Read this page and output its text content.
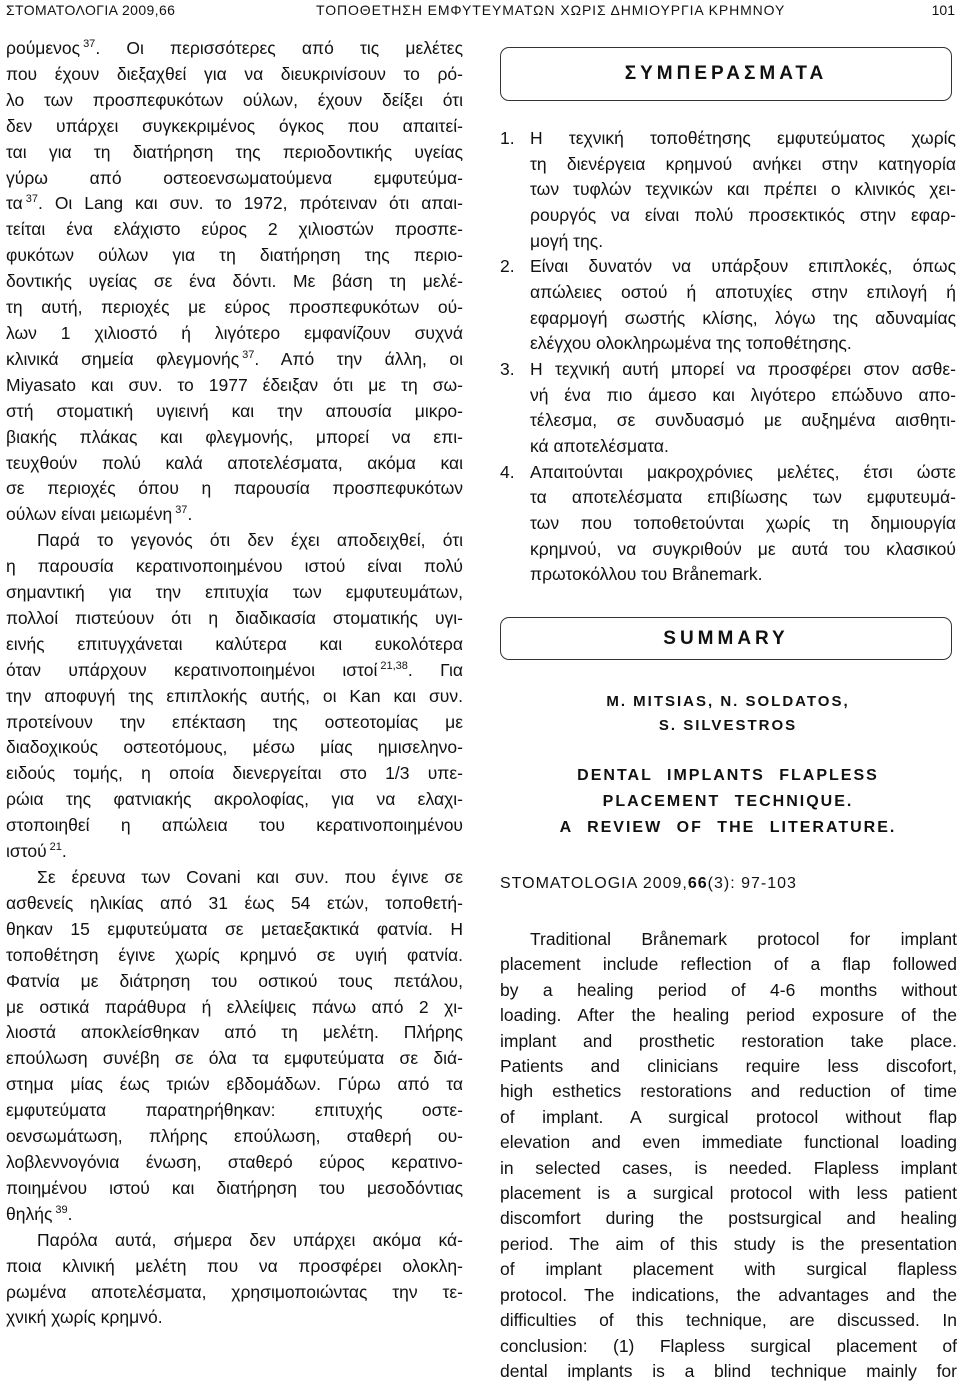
ΣΤΟΜΑΤΟΛΟΓΙΑ 2009,66	ΤΟΠΟΘΕΤΗΣΗ ΕΜΦΥΤΕΥΜΑΤΩΝ ΧΩΡΙΣ ΔΗΜΙΟΥΡΓΙΑ ΚΡΗΜΝΟΥ	101
ρούμενος $^{37}$. Οι περισσότερες από τις μελέτες
που έχουν διεξαχθεί για να διευκρινίσουν το ρό-
λο των προσπεφυκότων ούλων, έχουν δείξει ότι
δεν υπάρχει συγκεκριμένος όγκος που απαιτεί-
ται για τη διατήρηση της περιοδοντικής υγείας
γύρω από οστεοενσωματούμενα εμφυτεύμα-
τα $^{37}$. Οι Lang και συν. το 1972, πρότειναν ότι απαι-
τείται ένα ελάχιστο εύρος 2 χιλιοστών προσπε-
φυκότων ούλων για τη διατήρηση της περιο-
δοντικής υγείας σε ένα δόντι. Με βάση τη μελέ-
τη αυτή, περιοχές με εύρος προσπεφυκότων ού-
λων 1 χιλιοστό ή λιγότερο εμφανίζουν συχνά
κλινικά σημεία φλεγμονής $^{37}$. Από την άλλη, οι
Miyasato και συν. το 1977 έδειξαν ότι με τη σω-
στή στοματική υγιεινή και την απουσία μικρο-
βιακής πλάκας και φλεγμονής, μπορεί να επι-
τευχθούν πολύ καλά αποτελέσματα, ακόμα και
σε περιοχές όπου η παρουσία προσπεφυκότων
ούλων είναι μειωμένη $^{37}$.
Παρά το γεγονός ότι δεν έχει αποδειχθεί, ότι
η παρουσία κερατινοποιημένου ιστού είναι πολύ
σημαντική για την επιτυχία των εμφυτευμάτων,
πολλοί πιστεύουν ότι η διαδικασία στοματικής υγι-
εινής επιτυγχάνεται καλύτερα και ευκολότερα
όταν υπάρχουν κερατινοποιημένοι ιστοί $^{21,38}$. Για
την αποφυγή της επιπλοκής αυτής, οι Kan και συν.
προτείνουν την επέκταση της οστεοτομίας με
διαδοχικούς οστεοτόμους, μέσω μίας ημισεληνο-
ειδούς τομής, η οποία διενεργείται στο 1/3 υπε-
ρώια της φατνιακής ακρολοφίας, για να ελαχι-
στοποιηθεί η απώλεια του κερατινοποιημένου
ιστού $^{21}$.
Σε έρευνα των Covani και συν. που έγινε σε
ασθενείς ηλικίας από 31 έως 54 ετών, τοποθετή-
θηκαν 15 εμφυτεύματα σε μεταεξακτικά φατνία. Η
τοποθέτηση έγινε χωρίς κρημνό σε υγιή φατνία.
Φατνία με διάτρηση του οστικού τους πετάλου,
με οστικά παράθυρα ή ελλείψεις πάνω από 2 χι-
λιοστά αποκλείσθηκαν από τη μελέτη. Πλήρης
επούλωση συνέβη σε όλα τα εμφυτεύματα σε διά-
στημα μίας έως τριών εβδομάδων. Γύρω από τα
εμφυτεύματα παρατηρήθηκαν: επιτυχής οστε-
οενσωμάτωση, πλήρης επούλωση, σταθερή ου-
λοβλεννογόνια ένωση, σταθερό εύρος κερατινο-
ποιημένου ιστού και διατήρηση του μεσοδόντιας
θηλής $^{39}$.
Παρόλα αυτά, σήμερα δεν υπάρχει ακόμα κά-
ποια κλινική μελέτη που να προσφέρει ολοκλη-
ρωμένα αποτελέσματα, χρησιμοποιώντας την τε-
χνική χωρίς κρημνό.
ΣΥΜΠΕΡΑΣΜΑΤΑ
1. Η τεχνική τοποθέτησης εμφυτεύματος χωρίς
τη διενέργεια κρημνού ανήκει στην κατηγορία
των τυφλών τεχνικών και πρέπει ο κλινικός χει-
ρουργός να είναι πολύ προσεκτικός στην εφαρ-
μογή της.
2. Είναι δυνατόν να υπάρξουν επιπλοκές, όπως
απώλειες οστού ή αποτυχίες στην επιλογή ή
εφαρμογή σωστής κλίσης, λόγω της αδυναμίας
ελέγχου ολοκληρωμένα της τοποθέτησης.
3. Η τεχνική αυτή μπορεί να προσφέρει στον ασθε-
νή ένα πιο άμεσο και λιγότερο επώδυνο απο-
τέλεσμα, σε συνδυασμό με αυξημένα αισθητι-
κά αποτελέσματα.
4. Απαιτούνται μακροχρόνιες μελέτες, έτσι ώστε
τα αποτελέσματα επιβίωσης των εμφυτευμά-
των που τοποθετούνται χωρίς τη δημιουργία
κρημνού, να συγκριθούν με αυτά του κλασικού
πρωτοκόλλου του Brånemark.
SUMMARY
M. MITSIAS, N. SOLDATOS,
S. SILVESTROS
DENTAL IMPLANTS FLAPLESS
PLACEMENT TECHNIQUE.
A REVIEW OF THE LITERATURE.
STOMATOLOGIA 2009,66(3): 97-103
Traditional Brånemark protocol for implant
placement include reflection of a flap followed
by a healing period of 4-6 months without
loading. After the healing period exposure of the
implant and prosthetic restoration take place.
Patients and clinicians require less discofort,
high esthetics restorations and reduction of time
of implant. A surgical protocol without flap
elevation and even immediate functional loading
in selected cases, is needed. Flapless implant
placement is a surgical protocol with less patient
discomfort during the postsurgical and healing
period. The aim of this study is the presentation
of implant placement with surgical flapless
protocol. The indications, the advantages and the
difficulties of this technique, are discussed. In
conclusion: (1) Flapless surgical placement of
dental implants is a blind technique mainly for
